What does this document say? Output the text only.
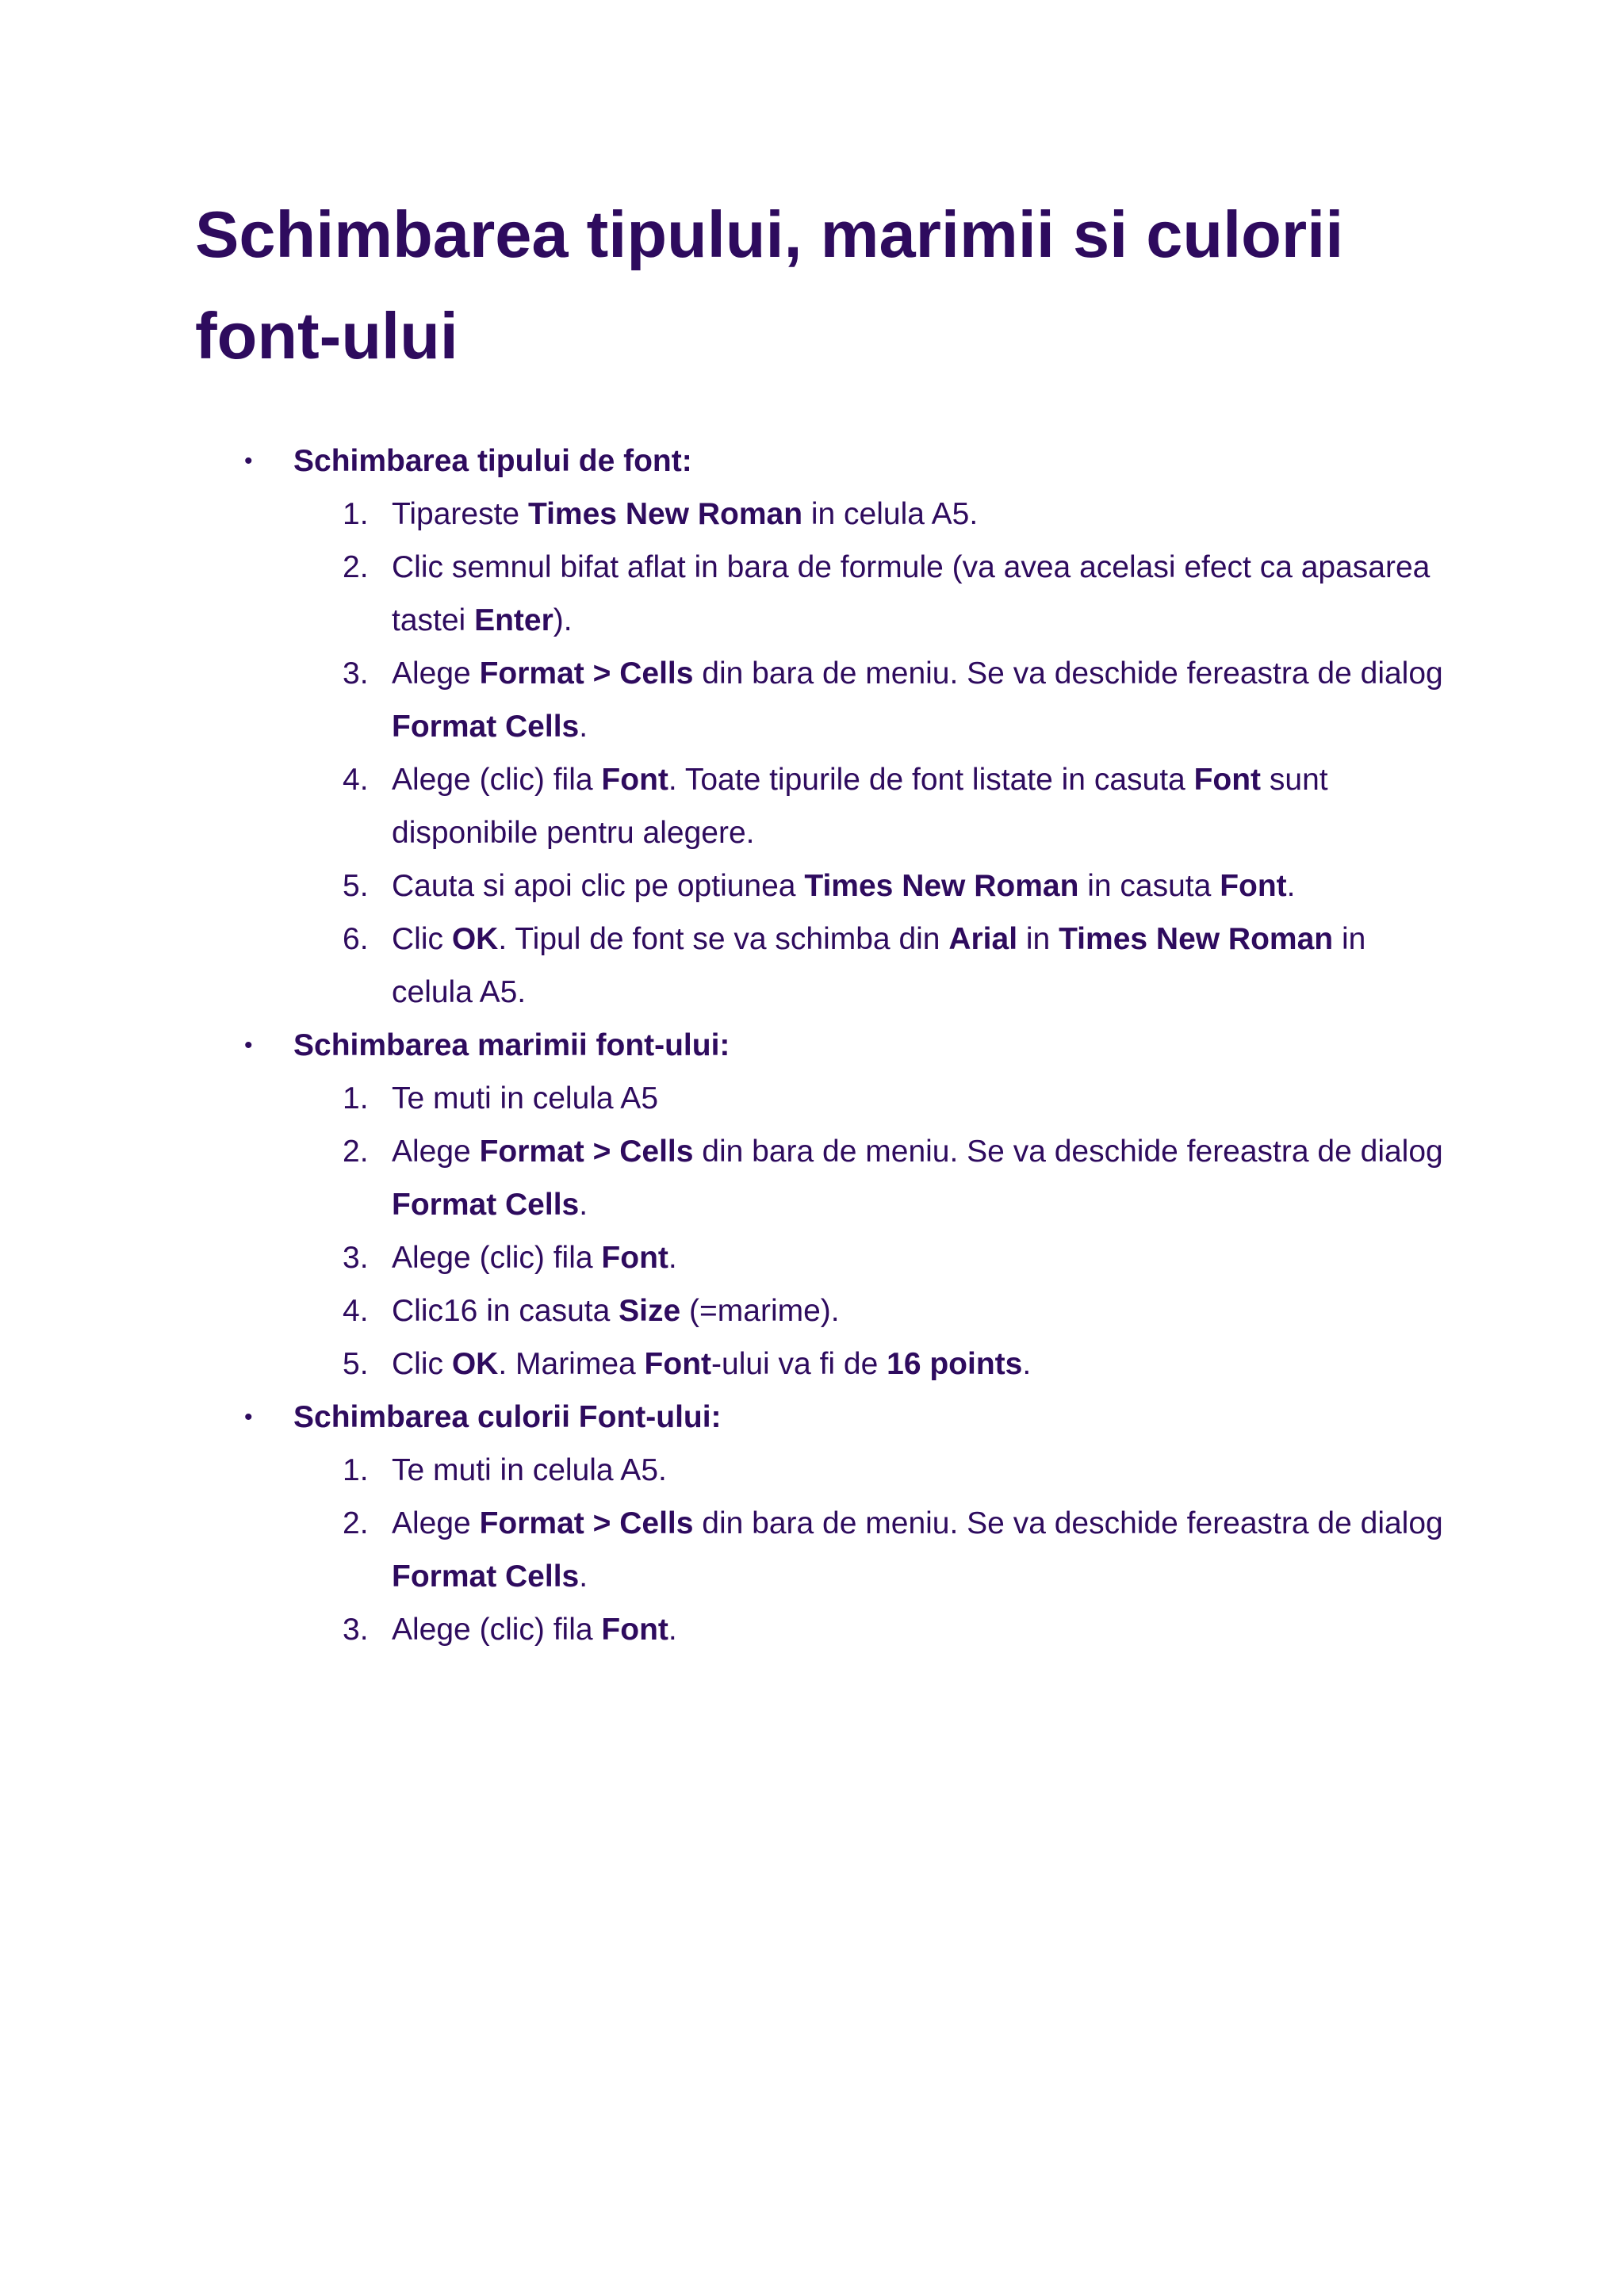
Schimbarea tipului, marimii si culorii font-ului
• Schimbarea tipului de font:
1. Tipareste Times New Roman in celula A5.
2. Clic semnul bifat aflat in bara de formule (va avea acelasi efect ca apasarea tastei Enter).
3. Alege Format > Cells din bara de meniu. Se va deschide fereastra de dialog Format Cells.
4. Alege (clic) fila Font. Toate tipurile de font listate in casuta Font sunt disponibile pentru alegere.
5. Cauta si apoi clic pe optiunea Times New Roman in casuta Font.
6. Clic OK. Tipul de font se va schimba din Arial in Times New Roman in celula A5.
• Schimbarea marimii font-ului:
1. Te muti in celula A5
2. Alege Format > Cells din bara de meniu. Se va deschide fereastra de dialog Format Cells.
3. Alege (clic) fila Font.
4. Clic16 in casuta Size (=marime).
5. Clic OK. Marimea Font-ului va fi de 16 points.
• Schimbarea culorii Font-ului:
1. Te muti in celula A5.
2. Alege Format > Cells din bara de meniu. Se va deschide fereastra de dialog Format Cells.
3. Alege (clic) fila Font.
